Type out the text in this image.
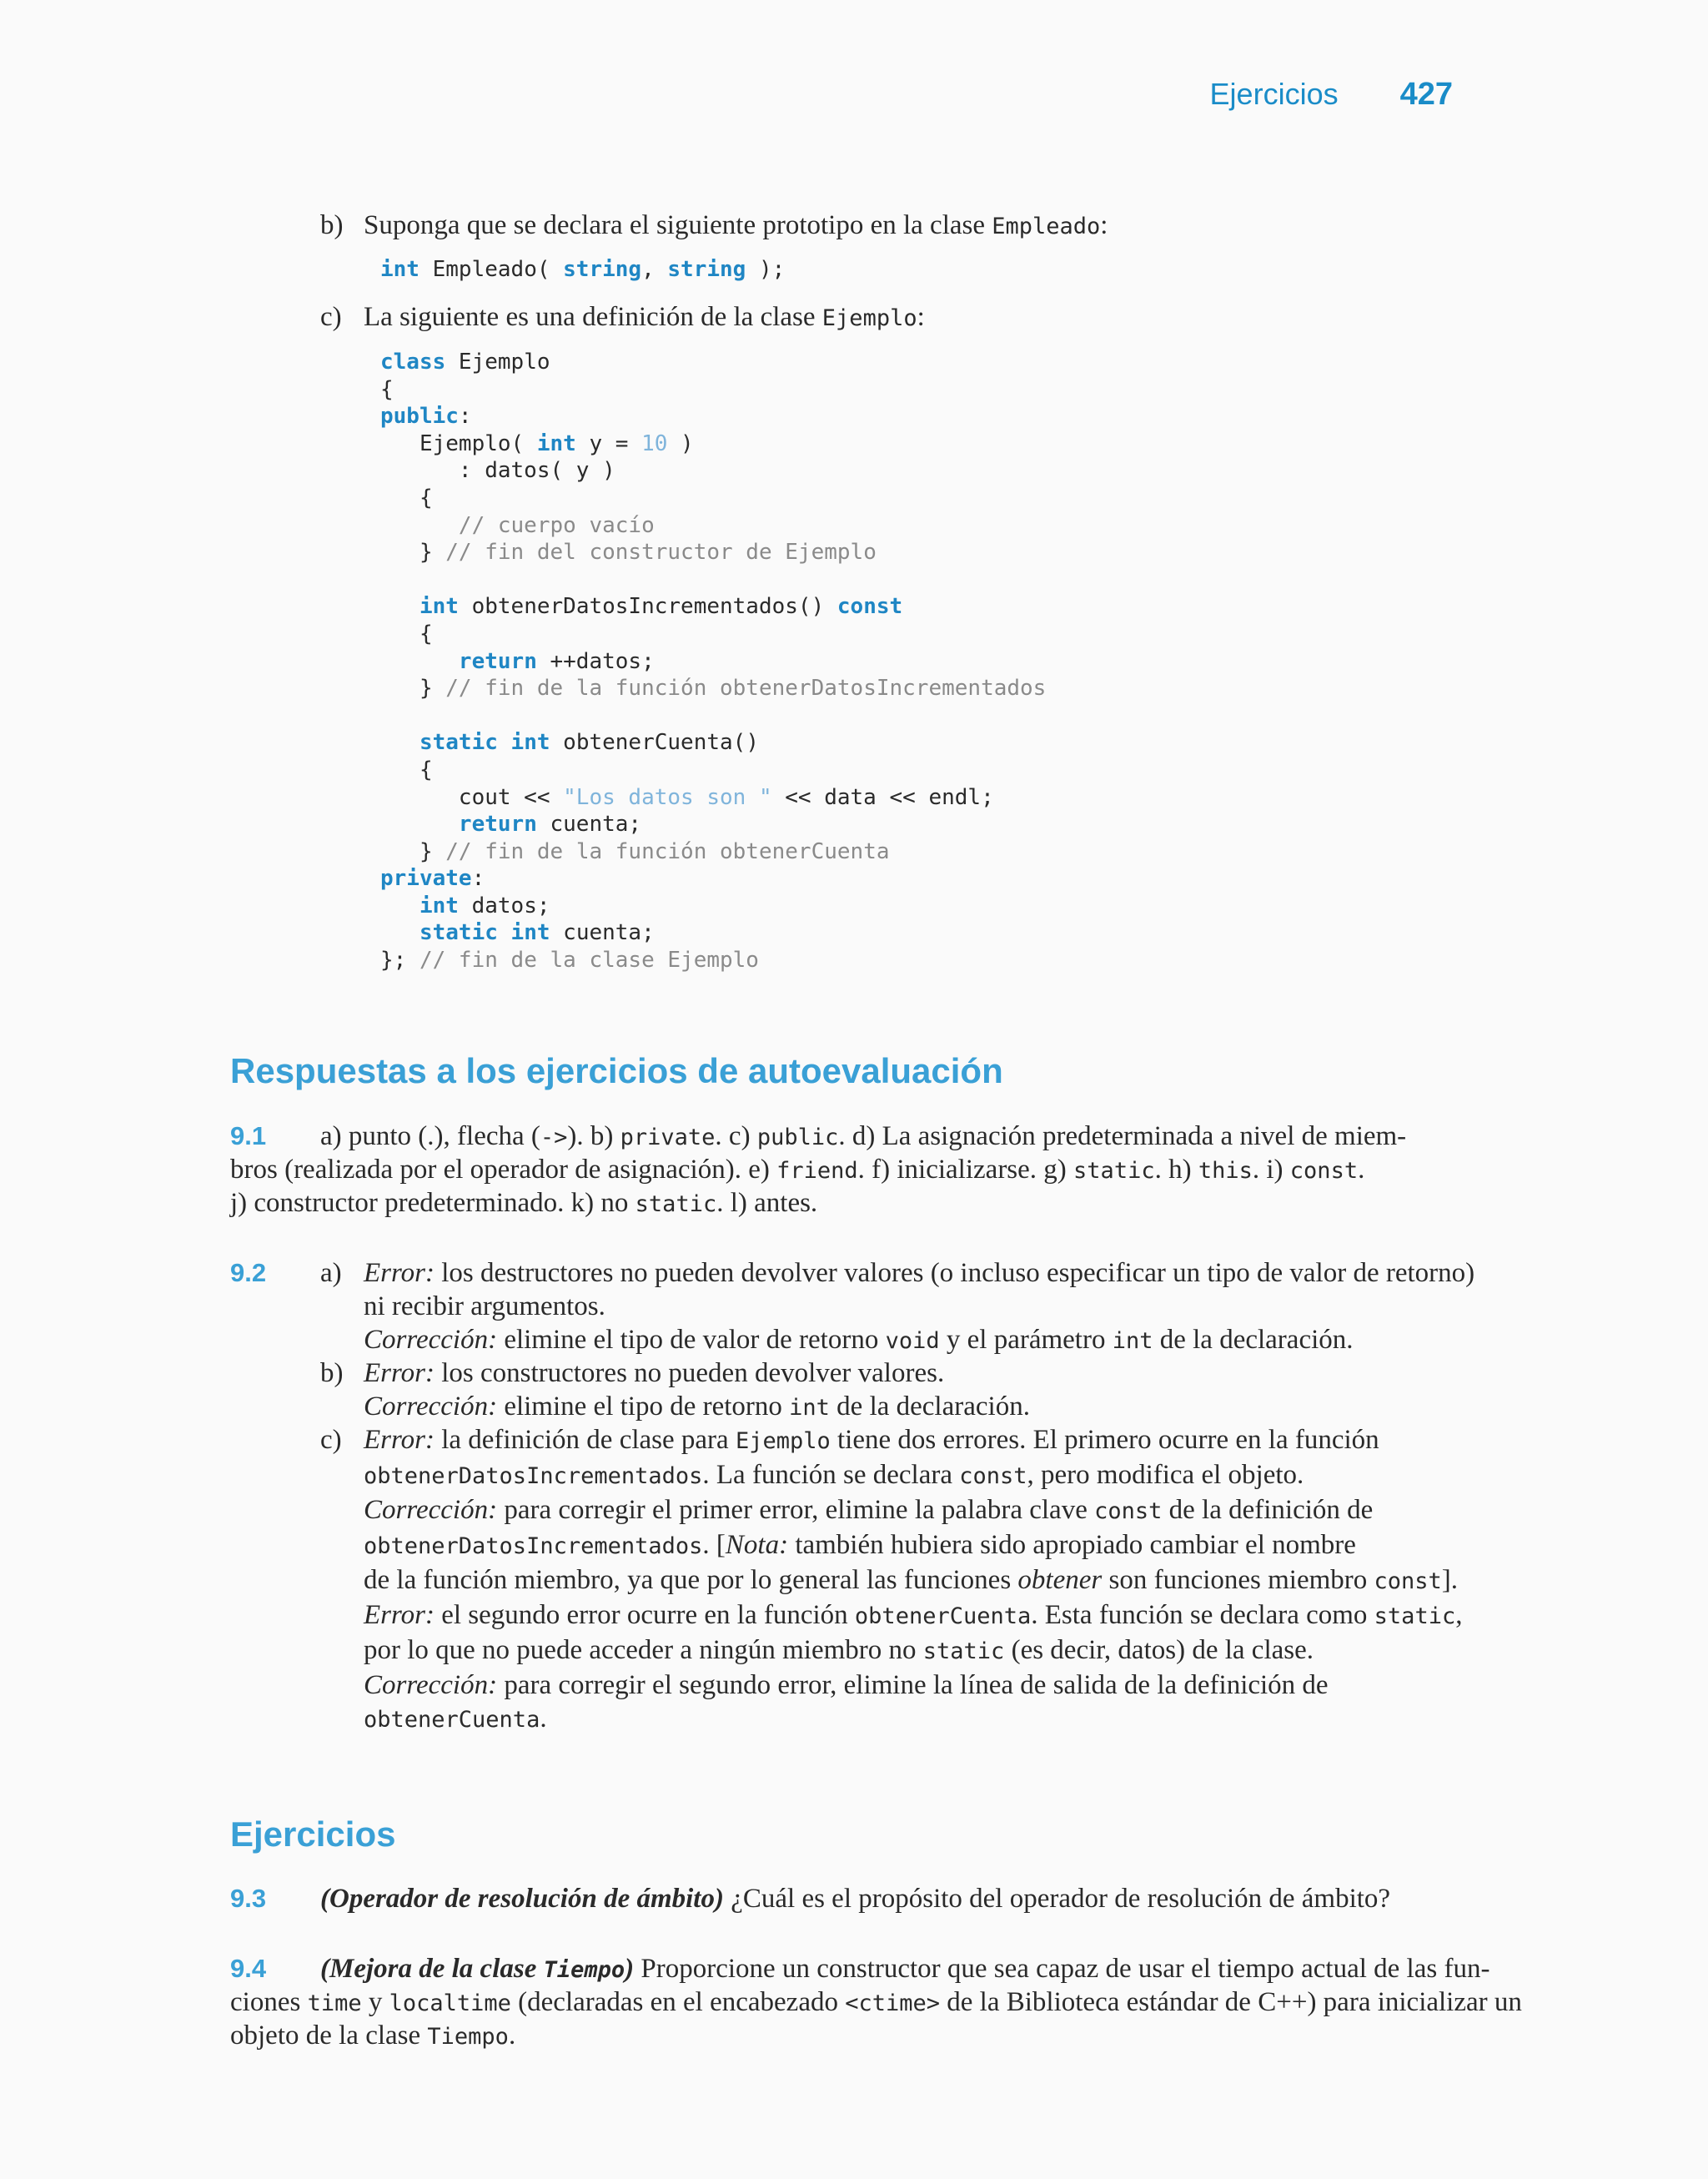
Ejercicios 427
b) Suponga que se declara el siguiente prototipo en la clase Empleado:
int Empleado( string, string );
c) La siguiente es una definición de la clase Ejemplo:
class Ejemplo
{
public:
Ejemplo( int y = 10 )
: datos( y )
{
// cuerpo vacío
} // fin del constructor de Ejemplo

int obtenerDatosIncrementados() const
{
return ++datos;
} // fin de la función obtenerDatosIncrementados

static int obtenerCuenta()
{
cout << "Los datos son " << data << endl;
return cuenta;
} // fin de la función obtenerCuenta
private:
int datos;
static int cuenta;
}; // fin de la clase Ejemplo
Respuestas a los ejercicios de autoevaluación
9.1 a) punto (.), flecha (->). b) private. c) public. d) La asignación predeterminada a nivel de miem-
bros (realizada por el operador de asignación). e) friend. f) inicializarse. g) static. h) this. i) const.
j) constructor predeterminado. k) no static. l) antes.
9.2 a) Error: los destructores no pueden devolver valores (o incluso especificar un tipo de valor de retorno)
ni recibir argumentos.
Corrección: elimine el tipo de valor de retorno void y el parámetro int de la declaración.
b) Error: los constructores no pueden devolver valores.
Corrección: elimine el tipo de retorno int de la declaración.
c) Error: la definición de clase para Ejemplo tiene dos errores. El primero ocurre en la función
obtenerDatosIncrementados. La función se declara const, pero modifica el objeto.
Corrección: para corregir el primer error, elimine la palabra clave const de la definición de
obtenerDatosIncrementados. [Nota: también hubiera sido apropiado cambiar el nombre
de la función miembro, ya que por lo general las funciones obtener son funciones miembro const].
Error: el segundo error ocurre en la función obtenerCuenta. Esta función se declara como static,
por lo que no puede acceder a ningún miembro no static (es decir, datos) de la clase.
Corrección: para corregir el segundo error, elimine la línea de salida de la definición de
obtenerCuenta.
Ejercicios
9.3 (Operador de resolución de ámbito) ¿Cuál es el propósito del operador de resolución de ámbito?
9.4 (Mejora de la clase Tiempo) Proporcione un constructor que sea capaz de usar el tiempo actual de las fun-
ciones time y localtime (declaradas en el encabezado <ctime> de la Biblioteca estándar de C++) para inicializar un
objeto de la clase Tiempo.
